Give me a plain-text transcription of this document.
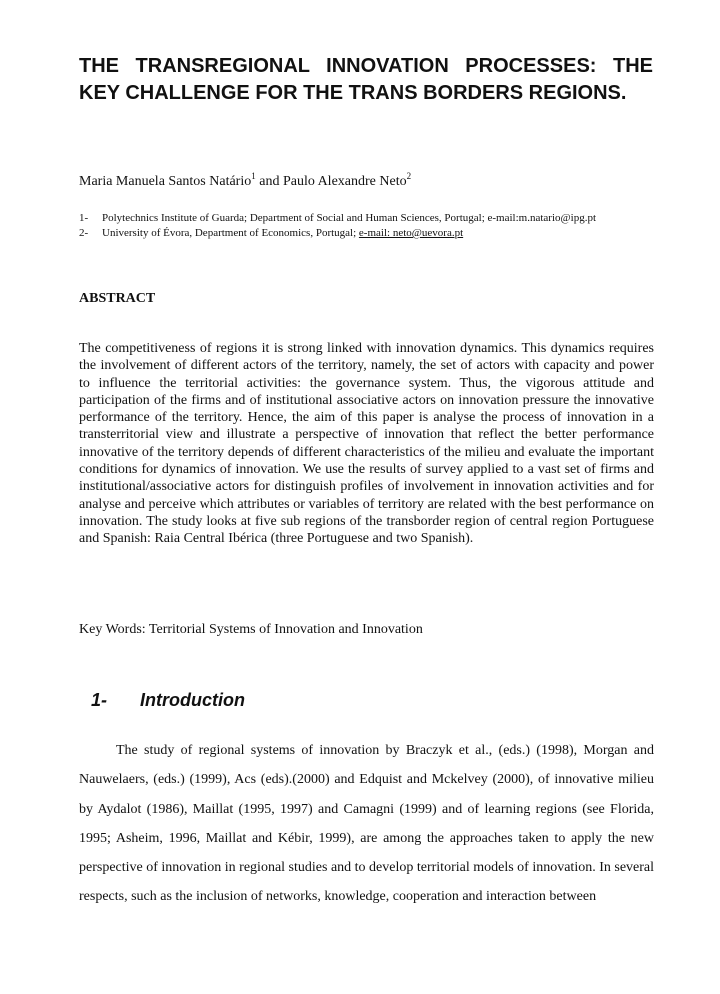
THE TRANSREGIONAL INNOVATION PROCESSES: THE KEY CHALLENGE FOR THE TRANS BORDERS REGIONS.

Maria Manuela Santos Natário$^1$ and Paulo Alexandre Neto$^2$

1- Polytechnics Institute of Guarda; Department of Social and Human Sciences, Portugal; e-mail:m.natario@ipg.pt
2- University of Évora, Department of Economics, Portugal; e-mail: neto@uevora.pt
ABSTRACT

The competitiveness of regions it is strong linked with innovation dynamics. This dynamics requires the involvement of different actors of the territory, namely, the set of actors with capacity and power to influence the territorial activities: the governance system. Thus, the vigorous attitude and participation of the firms and of institutional associative actors on innovation pressure the innovative performance of the territory. Hence, the aim of this paper is analyse the process of innovation in a transterritorial view and illustrate a perspective of innovation that reflect the better performance innovative of the territory depends of different characteristics of the milieu and evaluate the important conditions for dynamics of innovation. We use the results of survey applied to a vast set of firms and institutional/associative actors for distinguish profiles of involvement in innovation activities and for analyse and perceive which attributes or variables of territory are related with the best performance on innovation. The study looks at five sub regions of the transborder region of central region Portuguese and Spanish: Raia Central Ibérica (three Portuguese and two Spanish).

Key Words: Territorial Systems of Innovation and Innovation

1- Introduction

The study of regional systems of innovation by Braczyk et al., (eds.) (1998), Morgan and Nauwelaers, (eds.) (1999), Acs (eds).(2000) and Edquist and Mckelvey (2000), of innovative milieu by Aydalot (1986), Maillat (1995, 1997) and Camagni (1999) and of learning regions (see Florida, 1995; Asheim, 1996, Maillat and Kébir, 1999), are among the approaches taken to apply the new perspective of innovation in regional studies and to develop territorial models of innovation. In several respects, such as the inclusion of networks, knowledge, cooperation and interaction between
